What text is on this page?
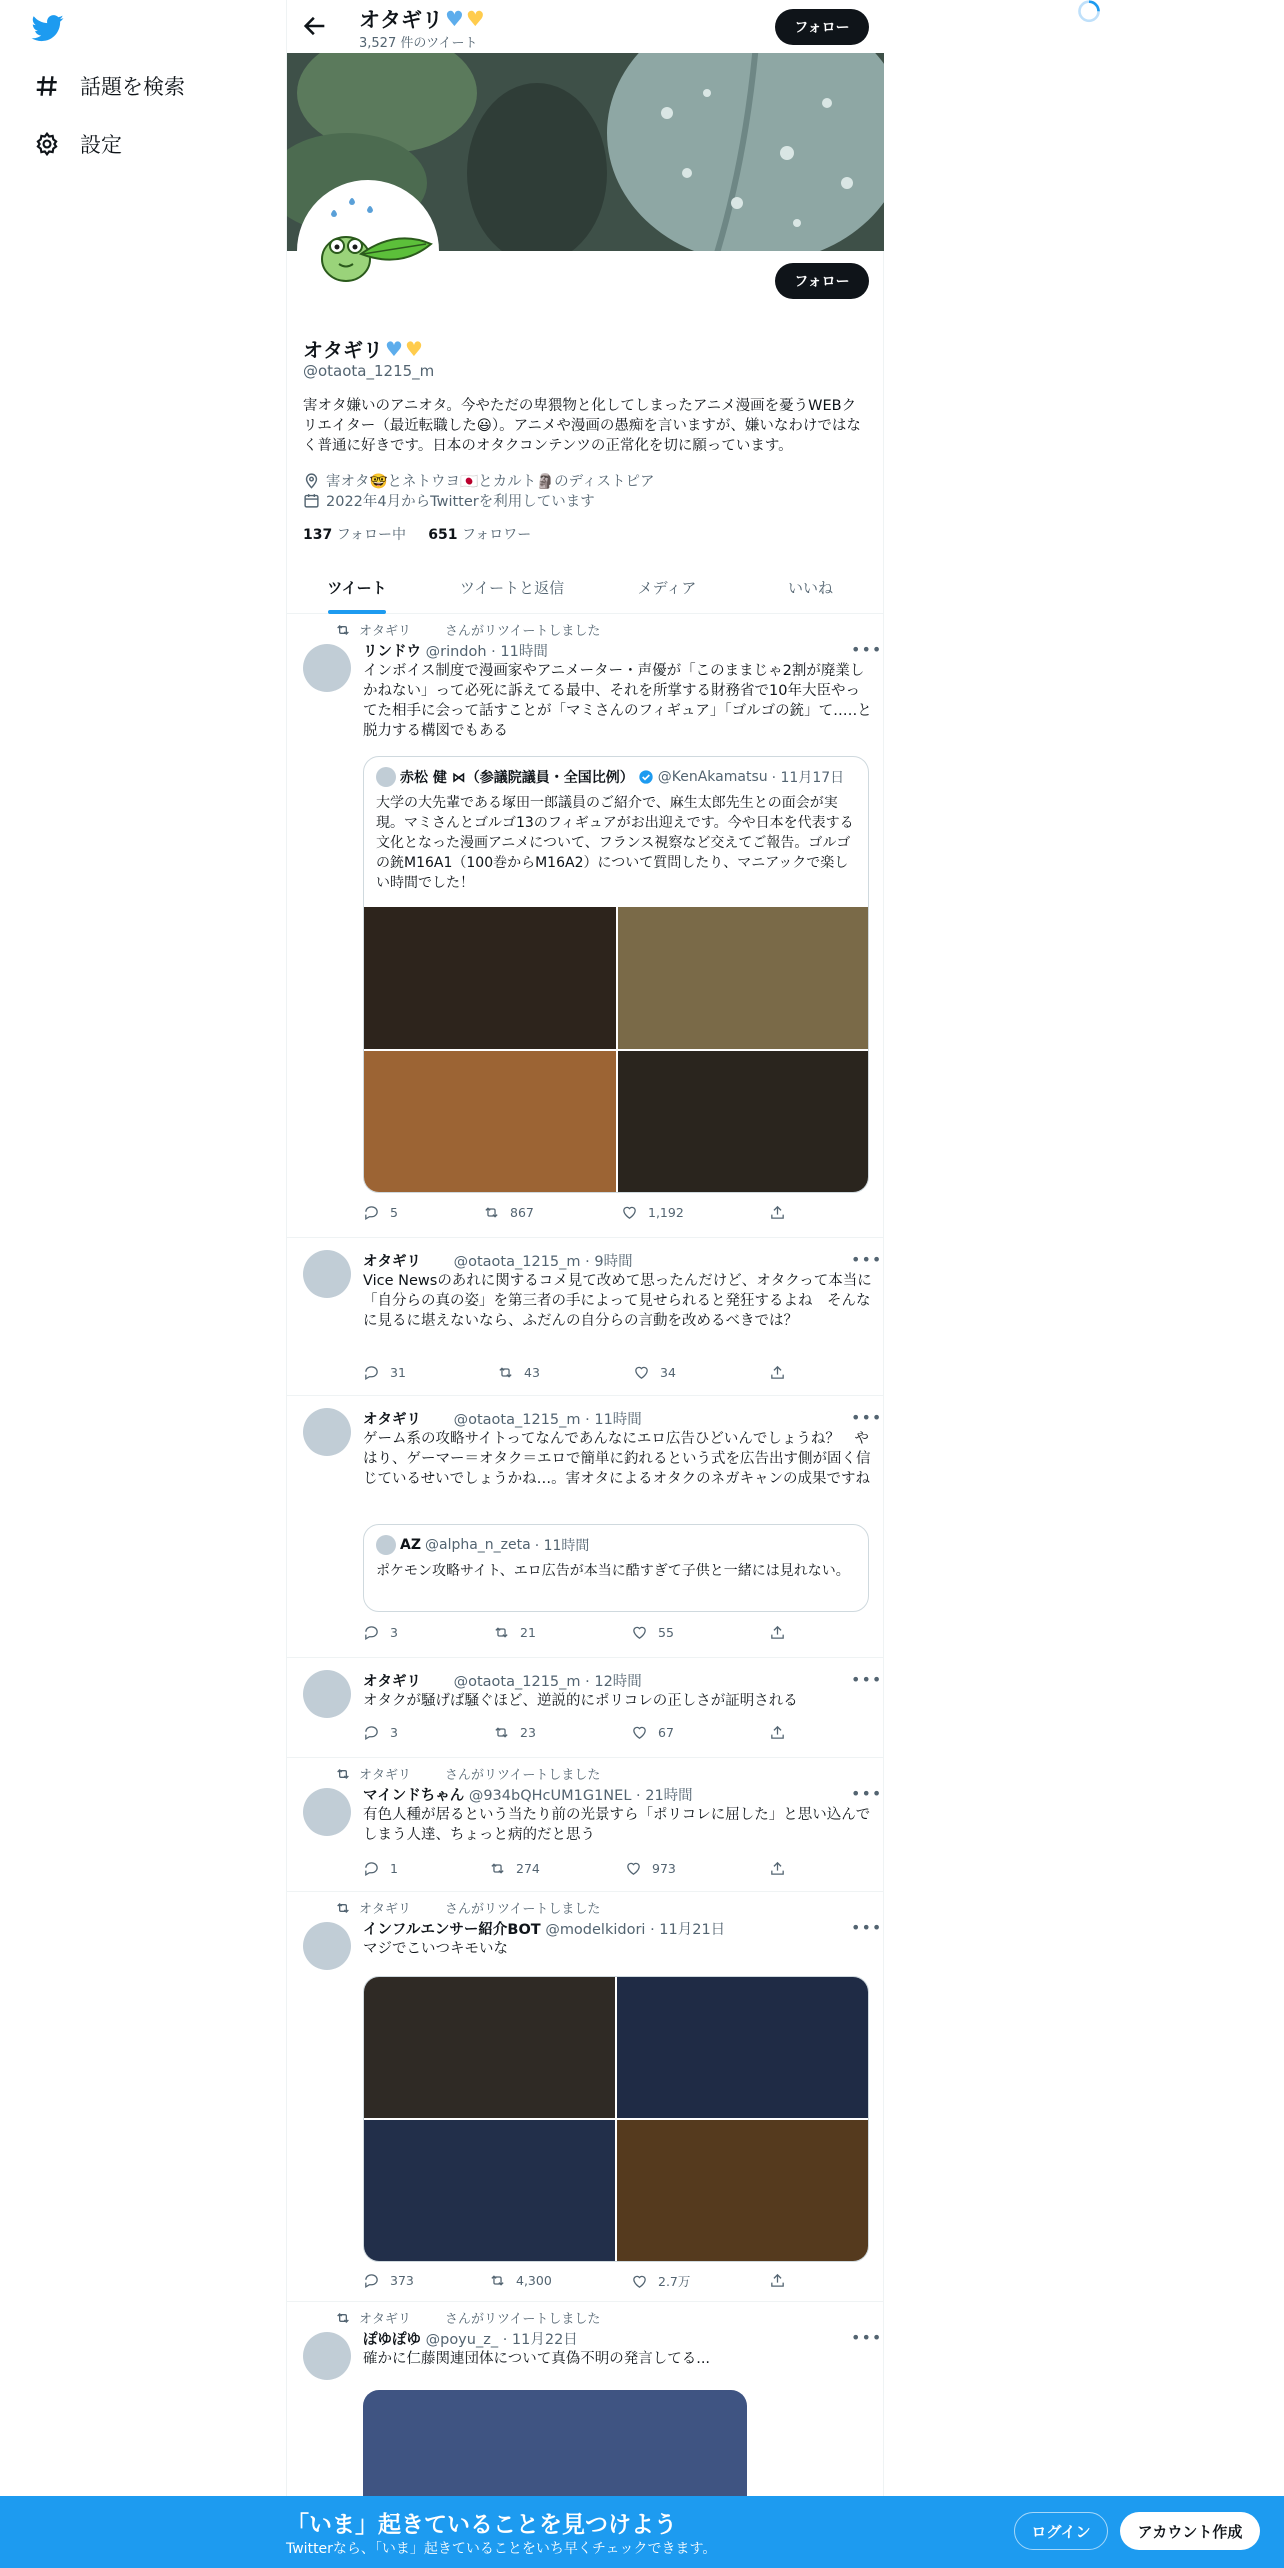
話題を検索
設定
オタギリ ♥ ♥
3,527 件のツイート
フォロー
フォロー
オタギリ ♥ ♥
@otaota_1215_m
害オタ嫌いのアニオタ。今やただの卑猥物と化してしまったアニメ漫画を憂うWEBクリエイター（最近転職した😃）。アニメや漫画の愚痴を言いますが、嫌いなわけではなく普通に好きです。日本のオタクコンテンツの正常化を切に願っています。
害オタ🤓とネトウヨ🇯🇵とカルト🗿のディストピア
2022年4月からTwitterを利用しています
137 フォロー中 651 フォロワー
ツイート	ツイートと返信	メディア	いいね
オタギリ	さんがリツイートしました
リンドウ @rindoh · 11時間	•••
インボイス制度で漫画家やアニメーター・声優が「このままじゃ2割が廃業しかねない」って必死に訴えてる最中、それを所掌する財務省で10年大臣やってた相手に会って話すことが「マミさんのフィギュア」「ゴルゴの銃」て…‥と脱力する構図でもある
赤松 健 ⋈（参議院議員・全国比例） @KenAkamatsu · 11月17日
大学の大先輩である塚田一郎議員のご紹介で、麻生太郎先生との面会が実現。マミさんとゴルゴ13のフィギュアがお出迎えです。今や日本を代表する文化となった漫画アニメについて、フランス視察など交えてご報告。ゴルゴの銃M16A1（100巻からM16A2）について質問したり、マニアックで楽しい時間でした！
5	867	1,192
オタギリ @otaota_1215_m · 9時間	•••
Vice Newsのあれに関するコメ見て改めて思ったんだけど、オタクって本当に「自分らの真の姿」を第三者の手によって見せられると発狂するよね　そんなに見るに堪えないなら、ふだんの自分らの言動を改めるべきでは？
31	43	34
オタギリ @otaota_1215_m · 11時間	•••
ゲーム系の攻略サイトってなんであんなにエロ広告ひどいんでしょうね？　やはり、ゲーマー＝オタク＝エロで簡単に釣れるという式を広告出す側が固く信じているせいでしょうかね…。害オタによるオタクのネガキャンの成果ですね
AZ @alpha_n_zeta · 11時間
ポケモン攻略サイト、エロ広告が本当に酷すぎて子供と一緒には見れない。
3	21	55
オタギリ @otaota_1215_m · 12時間	•••
オタクが騒げば騒ぐほど、逆説的にポリコレの正しさが証明される
3	23	67
オタギリ	さんがリツイートしました
マインドちゃん @934bQHcUM1G1NEL · 21時間	•••
有色人種が居るという当たり前の光景すら「ポリコレに屈した」と思い込んでしまう人達、ちょっと病的だと思う
1	274	973
オタギリ	さんがリツイートしました
インフルエンサー紹介BOT @modelkidori · 11月21日	•••
マジでこいつキモいな
373	4,300	2.7万
オタギリ	さんがリツイートしました
ぽゆぽゆ @poyu_z_ · 11月22日	•••
確かに仁藤関連団体について真偽不明の発言してる...
「いま」起きていることを見つけよう
Twitterなら、「いま」起きていることをいち早くチェックできます。
ログイン	アカウント作成
